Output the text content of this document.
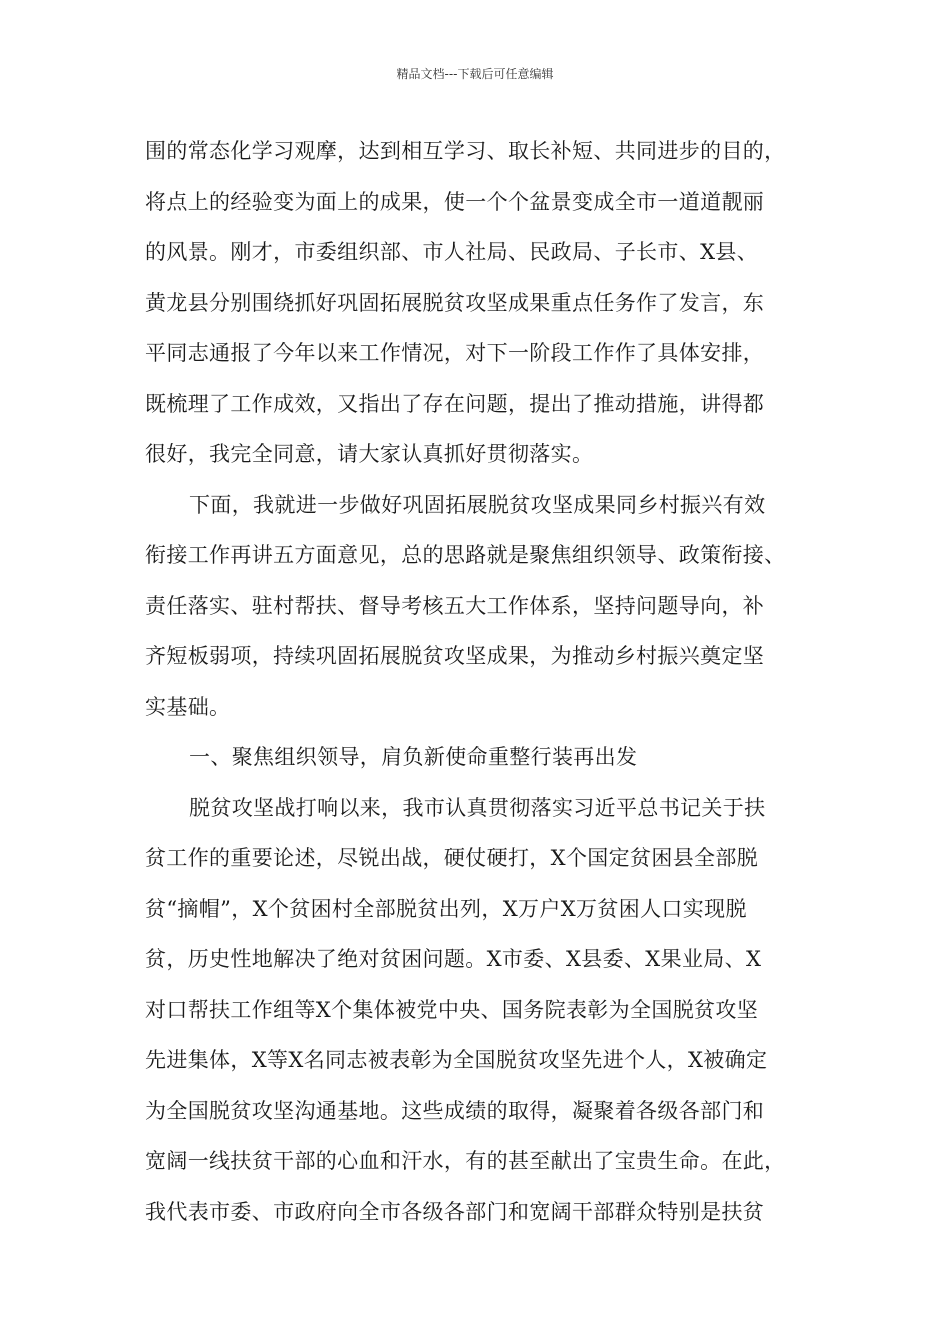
精品文档---下载后可任意编辑
围的常态化学习观摩，达到相互学习、取长补短、共同进步的目的，
将点上的经验变为面上的成果，使一个个盆景变成全市一道道靓丽
的风景。刚才，市委组织部、市人社局、民政局、子长市、X县、
黄龙县分别围绕抓好巩固拓展脱贫攻坚成果重点任务作了发言，东
平同志通报了今年以来工作情况，对下一阶段工作作了具体安排，
既梳理了工作成效，又指出了存在问题，提出了推动措施，讲得都
很好，我完全同意，请大家认真抓好贯彻落实。
下面，我就进一步做好巩固拓展脱贫攻坚成果同乡村振兴有效
衔接工作再讲五方面意见，总的思路就是聚焦组织领导、政策衔接、
责任落实、驻村帮扶、督导考核五大工作体系，坚持问题导向，补
齐短板弱项，持续巩固拓展脱贫攻坚成果，为推动乡村振兴奠定坚
实基础。
一、聚焦组织领导，肩负新使命重整行装再出发
脱贫攻坚战打响以来，我市认真贯彻落实习近平总书记关于扶
贫工作的重要论述，尽锐出战，硬仗硬打，X个国定贫困县全部脱
贫“摘帽”，X个贫困村全部脱贫出列，X万户X万贫困人口实现脱
贫，历史性地解决了绝对贫困问题。X市委、X县委、X果业局、X
对口帮扶工作组等X个集体被党中央、国务院表彰为全国脱贫攻坚
先进集体，X等X名同志被表彰为全国脱贫攻坚先进个人，X被确定
为全国脱贫攻坚沟通基地。这些成绩的取得，凝聚着各级各部门和
宽阔一线扶贫干部的心血和汗水，有的甚至献出了宝贵生命。在此，
我代表市委、市政府向全市各级各部门和宽阔干部群众特别是扶贫
